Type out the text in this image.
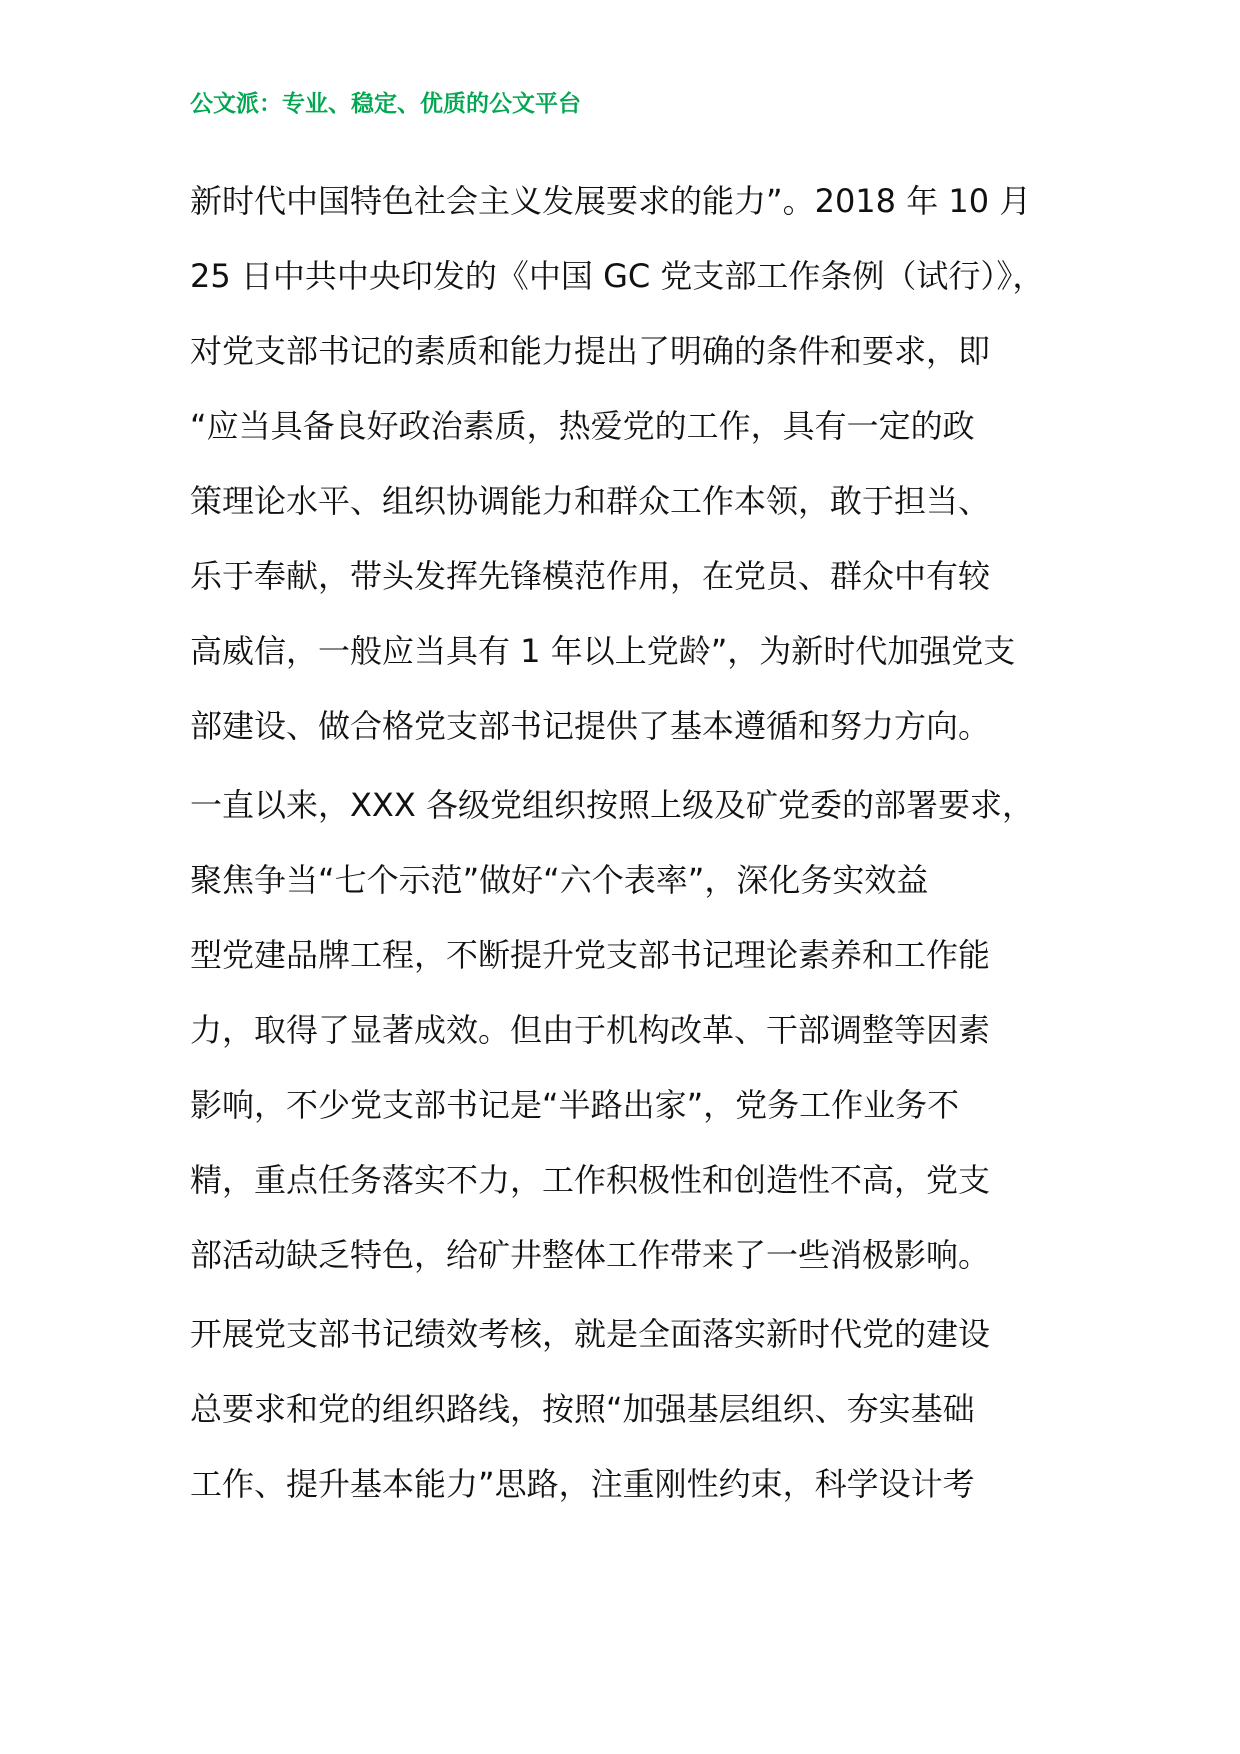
公文派：专业、稳定、优质的公文平台
新时代中国特色社会主义发展要求的能力”。2018 年 10 月
25 日中共中央印发的《中国 GC 党支部工作条例（试行）》，
对党支部书记的素质和能力提出了明确的条件和要求，即
“应当具备良好政治素质，热爱党的工作，具有一定的政
策理论水平、组织协调能力和群众工作本领，敢于担当、
乐于奉献，带头发挥先锋模范作用，在党员、群众中有较
高威信，一般应当具有 1 年以上党龄”，为新时代加强党支
部建设、做合格党支部书记提供了基本遵循和努力方向。
一直以来，XXX 各级党组织按照上级及矿党委的部署要求，
聚焦争当“七个示范”做好“六个表率”，深化务实效益
型党建品牌工程，不断提升党支部书记理论素养和工作能
力，取得了显著成效。但由于机构改革、干部调整等因素
影响，不少党支部书记是“半路出家”，党务工作业务不
精，重点任务落实不力，工作积极性和创造性不高，党支
部活动缺乏特色，给矿井整体工作带来了一些消极影响。
开展党支部书记绩效考核，就是全面落实新时代党的建设
总要求和党的组织路线，按照“加强基层组织、夯实基础
工作、提升基本能力”思路，注重刚性约束，科学设计考
